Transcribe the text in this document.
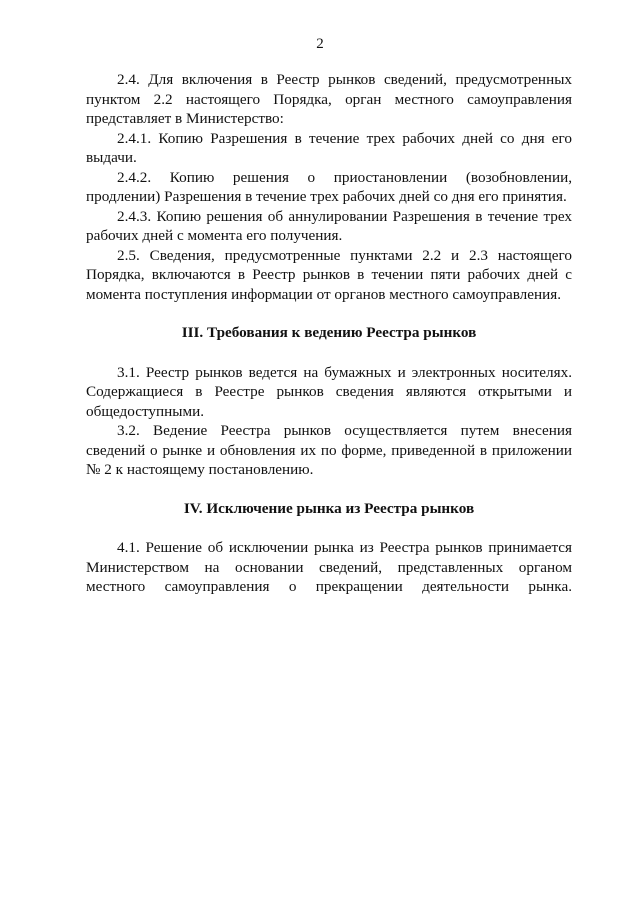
2

2.4. Для включения в Реестр рынков сведений, предусмотренных пунктом 2.2 настоящего Порядка, орган местного самоуправления представляет в Министерство:

2.4.1. Копию Разрешения в течение трех рабочих дней со дня его выдачи.

2.4.2. Копию решения о приостановлении (возобновлении, продлении) Разрешения в течение трех рабочих дней со дня его принятия.

2.4.3. Копию решения об аннулировании Разрешения в течение трех рабочих дней с момента его получения.

2.5. Сведения, предусмотренные пунктами 2.2 и 2.3 настоящего Порядка, включаются в Реестр рынков в течении пяти рабочих дней с момента поступления информации от органов местного самоуправления.

III. Требования к ведению Реестра рынков

3.1. Реестр рынков ведется на бумажных и электронных носителях. Содержащиеся в Реестре рынков сведения являются открытыми и общедоступными.

3.2. Ведение Реестра рынков осуществляется путем внесения сведений о рынке и обновления их по форме, приведенной в приложении № 2 к настоящему постановлению.

IV. Исключение рынка из Реестра рынков

4.1. Решение об исключении рынка из Реестра рынков принимается Министерством на основании сведений, представленных органом местного самоуправления о прекращении деятельности рынка.
